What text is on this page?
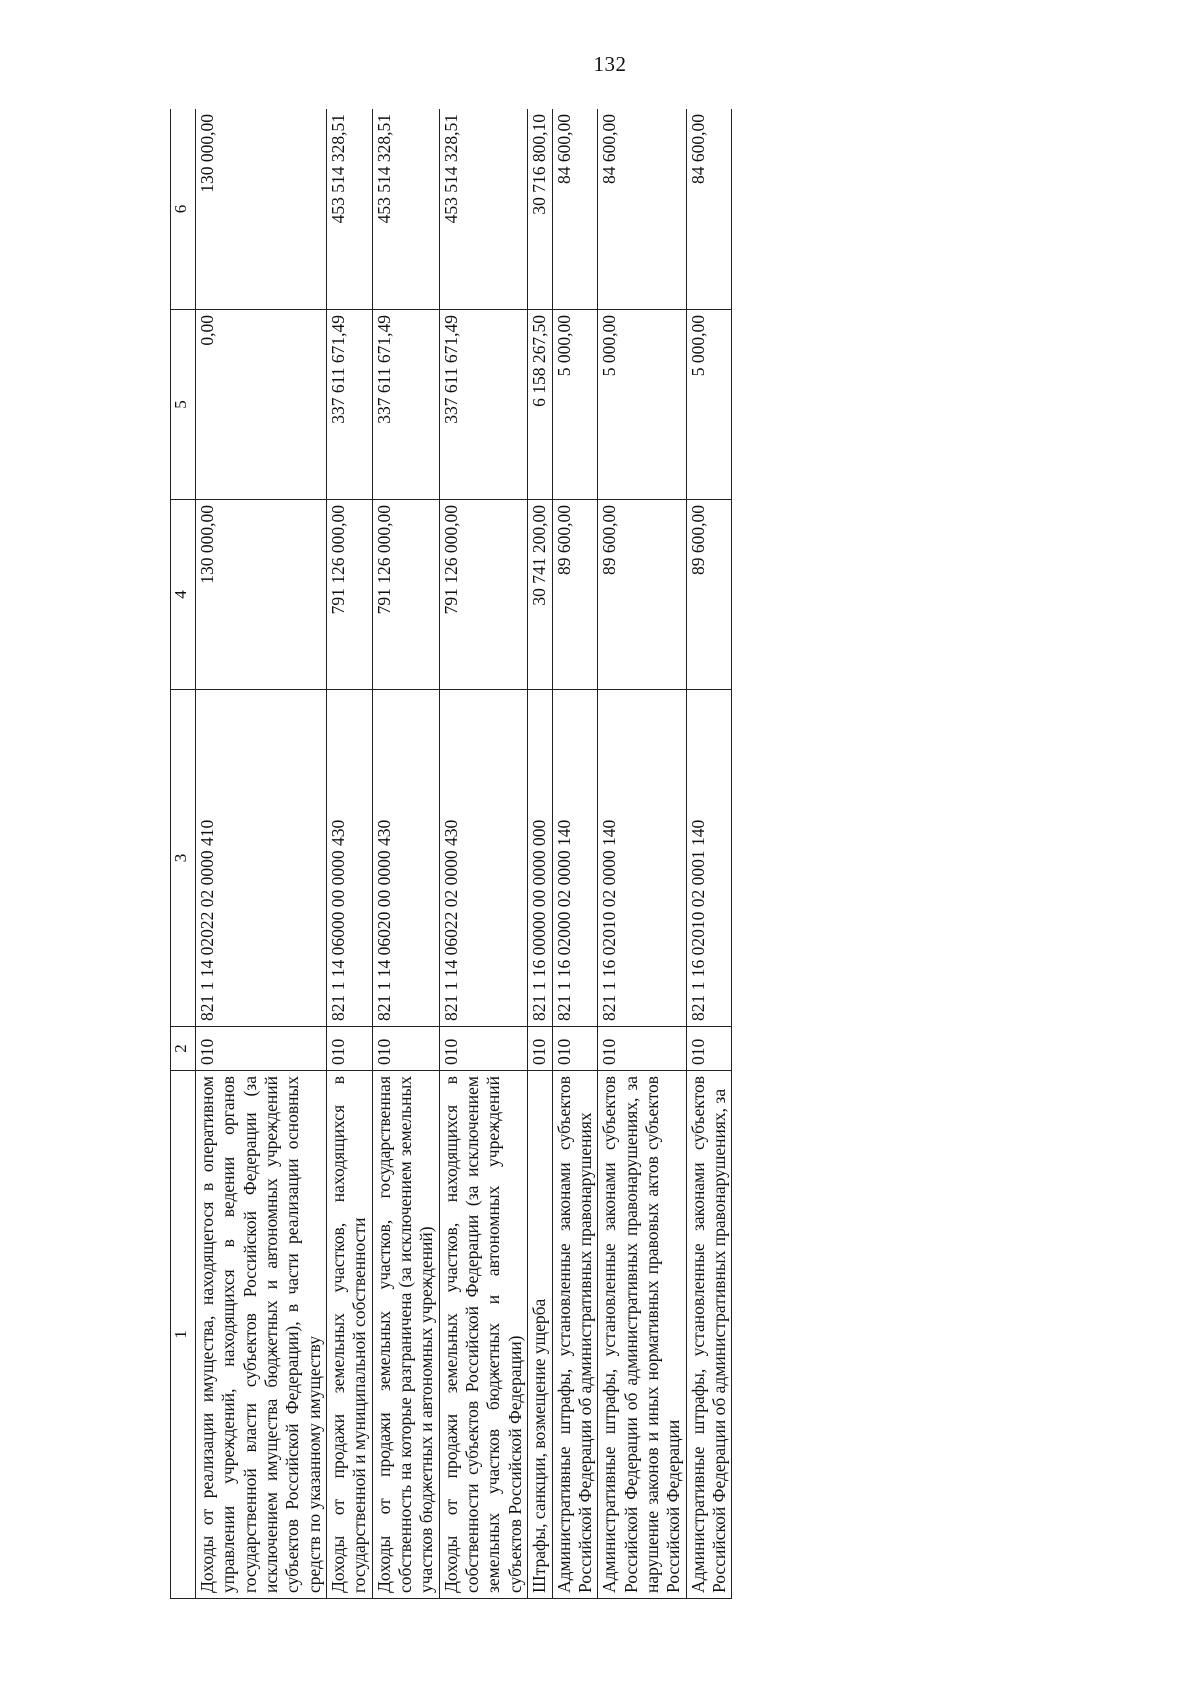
132
1	2	3	4	5	6
Доходы от реализации имущества, находящегося в оперативном управлении учреждений, находящихся в ведении органов государственной власти субъектов Российской Федерации (за исключением имущества бюджетных и автономных учреждений субъектов Российской Федерации), в части реализации основных средств по указанному имуществу	010	821 1 14 02022 02 0000 410	130 000,00	0,00	130 000,00
Доходы от продажи земельных участков, находящихся в государственной и муниципальной собственности	010	821 1 14 06000 00 0000 430	791 126 000,00	337 611 671,49	453 514 328,51
Доходы от продажи земельных участков, государственная собственность на которые разграничена (за исключением земельных участков бюджетных и автономных учреждений)	010	821 1 14 06020 00 0000 430	791 126 000,00	337 611 671,49	453 514 328,51
Доходы от продажи земельных участков, находящихся в собственности субъектов Российской Федерации (за исключением земельных участков бюджетных и автономных учреждений субъектов Российской Федерации)	010	821 1 14 06022 02 0000 430	791 126 000,00	337 611 671,49	453 514 328,51
Штрафы, санкции, возмещение ущерба	010	821 1 16 00000 00 0000 000	30 741 200,00	6 158 267,50	30 716 800,10
Административные штрафы, установленные законами субъектов Российской Федерации об административных правонарушениях	010	821 1 16 02000 02 0000 140	89 600,00	5 000,00	84 600,00
Административные штрафы, установленные законами субъектов Российской Федерации об административных правонарушениях, за нарушение законов и иных нормативных правовых актов субъектов Российской Федерации	010	821 1 16 02010 02 0000 140	89 600,00	5 000,00	84 600,00
Административные штрафы, установленные законами субъектов Российской Федерации об административных правонарушениях, за	010	821 1 16 02010 02 0001 140	89 600,00	5 000,00	84 600,00
